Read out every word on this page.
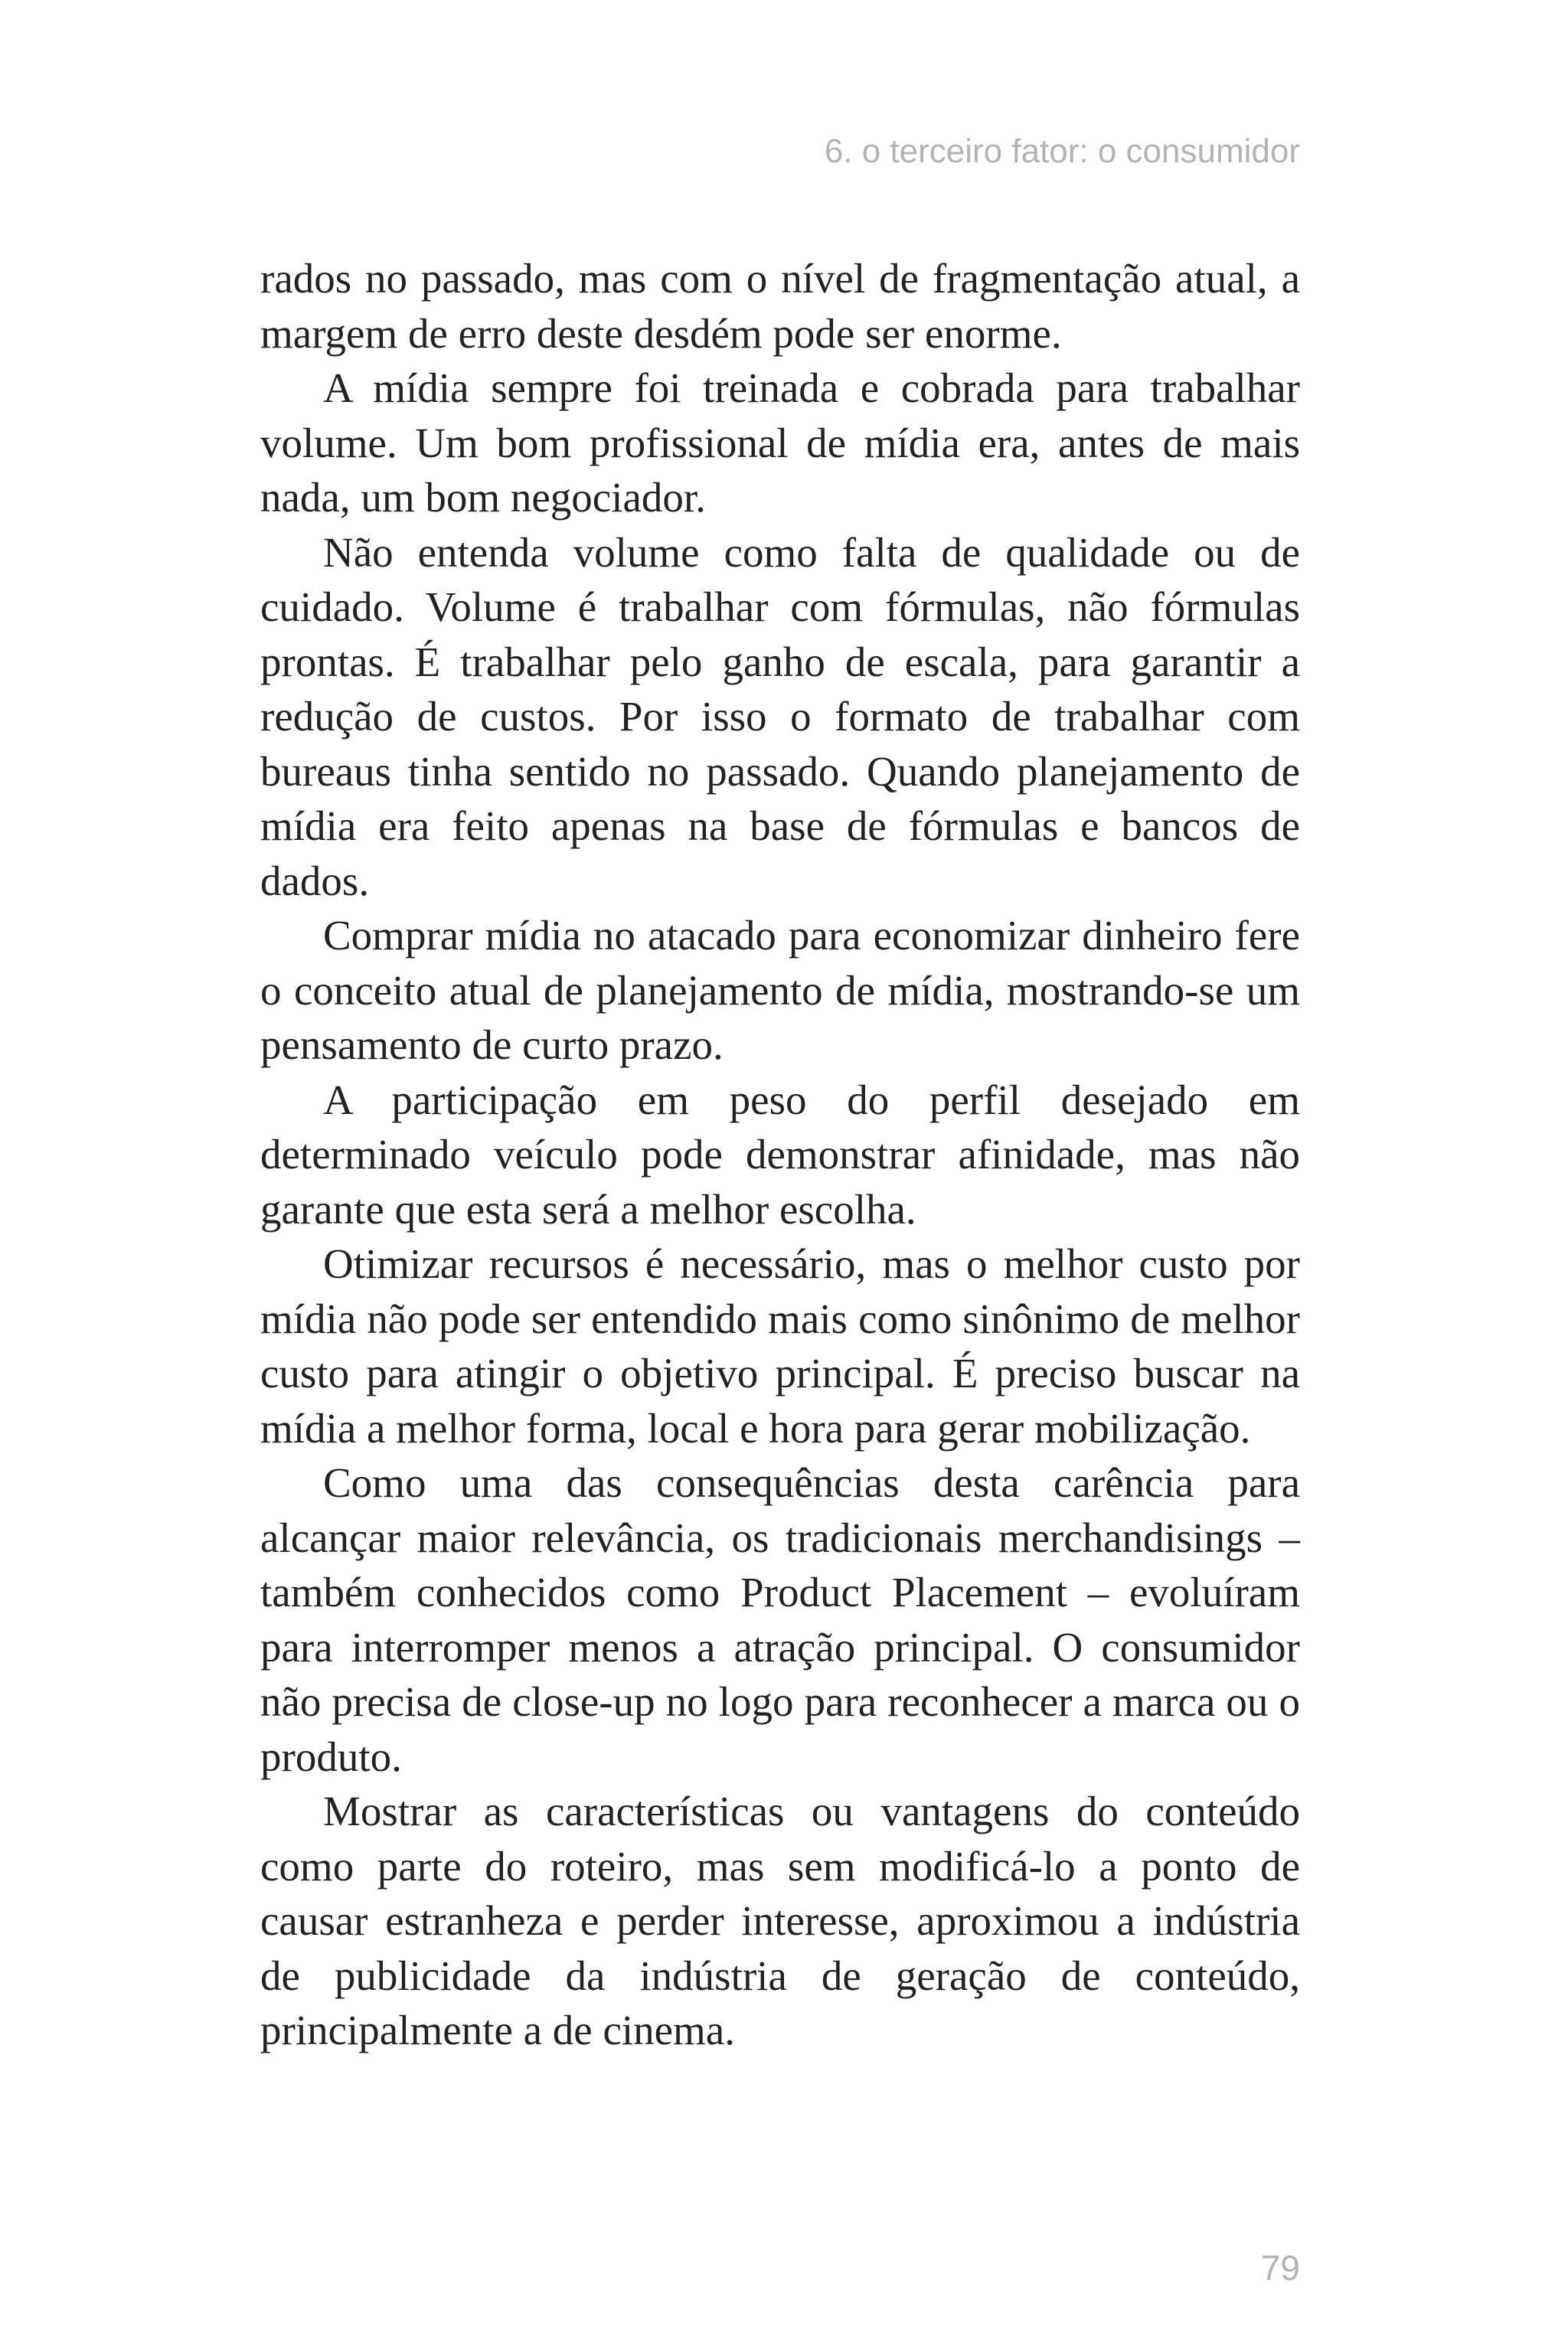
6. o terceiro fator: o consumidor

rados no passado, mas com o nível de fragmentação atual, a margem de erro deste desdém pode ser enorme.

A mídia sempre foi treinada e cobrada para trabalhar volume. Um bom profissional de mídia era, antes de mais nada, um bom negociador.

Não entenda volume como falta de qualidade ou de cuidado. Volume é trabalhar com fórmulas, não fórmulas prontas. É trabalhar pelo ganho de escala, para garantir a redução de custos. Por isso o formato de trabalhar com bureaus tinha sentido no passado. Quando planejamento de mídia era feito apenas na base de fórmulas e bancos de dados.

Comprar mídia no atacado para economizar dinheiro fere o conceito atual de planejamento de mídia, mostrando-se um pensamento de curto prazo.

A participação em peso do perfil desejado em determinado veículo pode demonstrar afinidade, mas não garante que esta será a melhor escolha.

Otimizar recursos é necessário, mas o melhor custo por mídia não pode ser entendido mais como sinônimo de melhor custo para atingir o objetivo principal. É preciso buscar na mídia a melhor forma, local e hora para gerar mobilização.

Como uma das consequências desta carência para alcançar maior relevância, os tradicionais merchandisings – também conhecidos como Product Placement – evoluíram para interromper menos a atração principal. O consumidor não precisa de close-up no logo para reconhecer a marca ou o produto.

Mostrar as características ou vantagens do conteúdo como parte do roteiro, mas sem modificá-lo a ponto de causar estranheza e perder interesse, aproximou a indústria de publicidade da indústria de geração de conteúdo, principalmente a de cinema.

79
